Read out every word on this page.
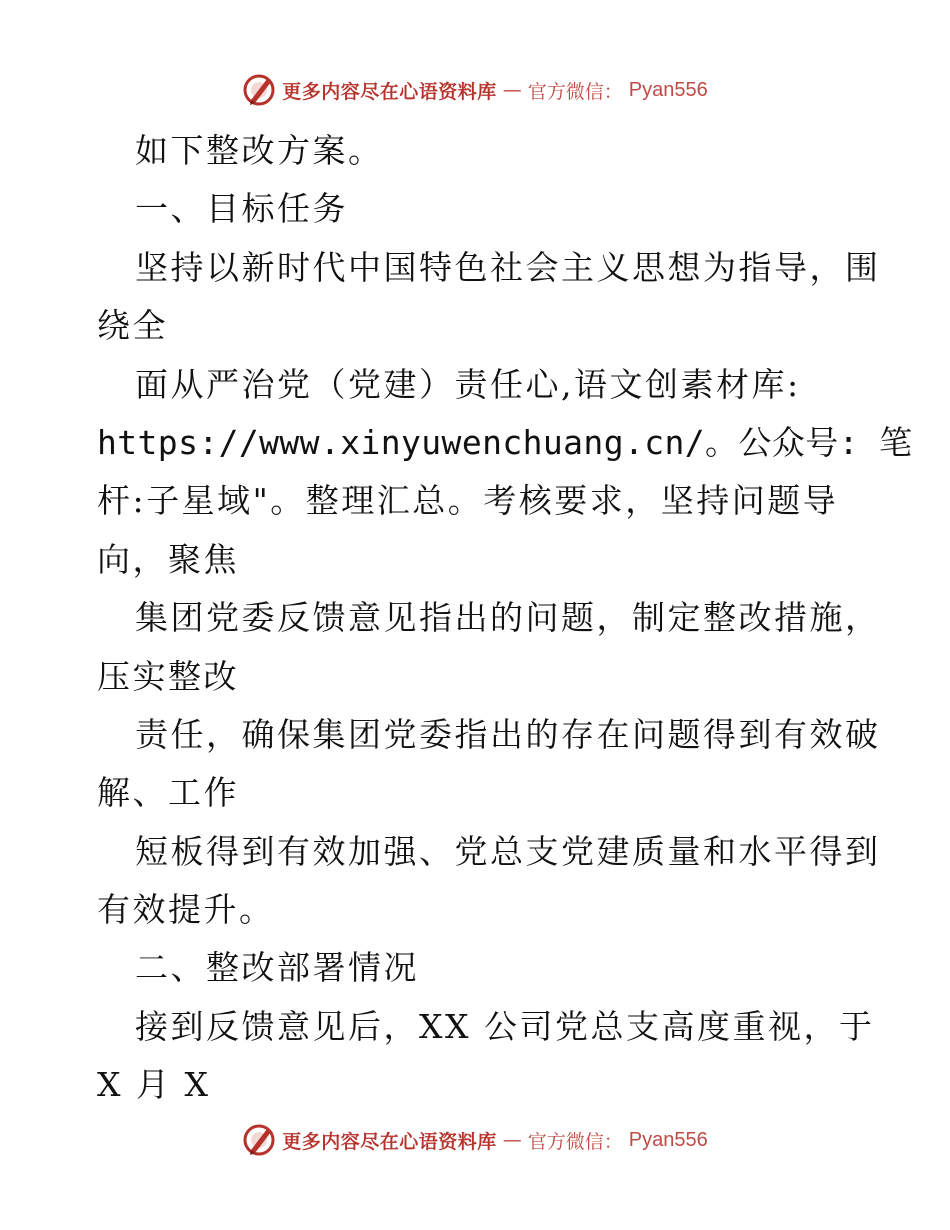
更多内容尽在心语资料库 — 官方微信： Pyan556
如下整改方案。
一、目标任务
坚持以新时代中国特色社会主义思想为指导，围
绕全
面从严治党（党建）责任心,语文创素材库:
https://www.xinyuwenchuang.cn/。公众号: 笔
杆:子星域"。整理汇总。考核要求，坚持问题导
向，聚焦
集团党委反馈意见指出的问题，制定整改措施，
压实整改
责任，确保集团党委指出的存在问题得到有效破
解、工作
短板得到有效加强、党总支党建质量和水平得到
有效提升。
二、整改部署情况
接到反馈意见后，XX 公司党总支高度重视，于
X 月 X
更多内容尽在心语资料库 — 官方微信： Pyan556
